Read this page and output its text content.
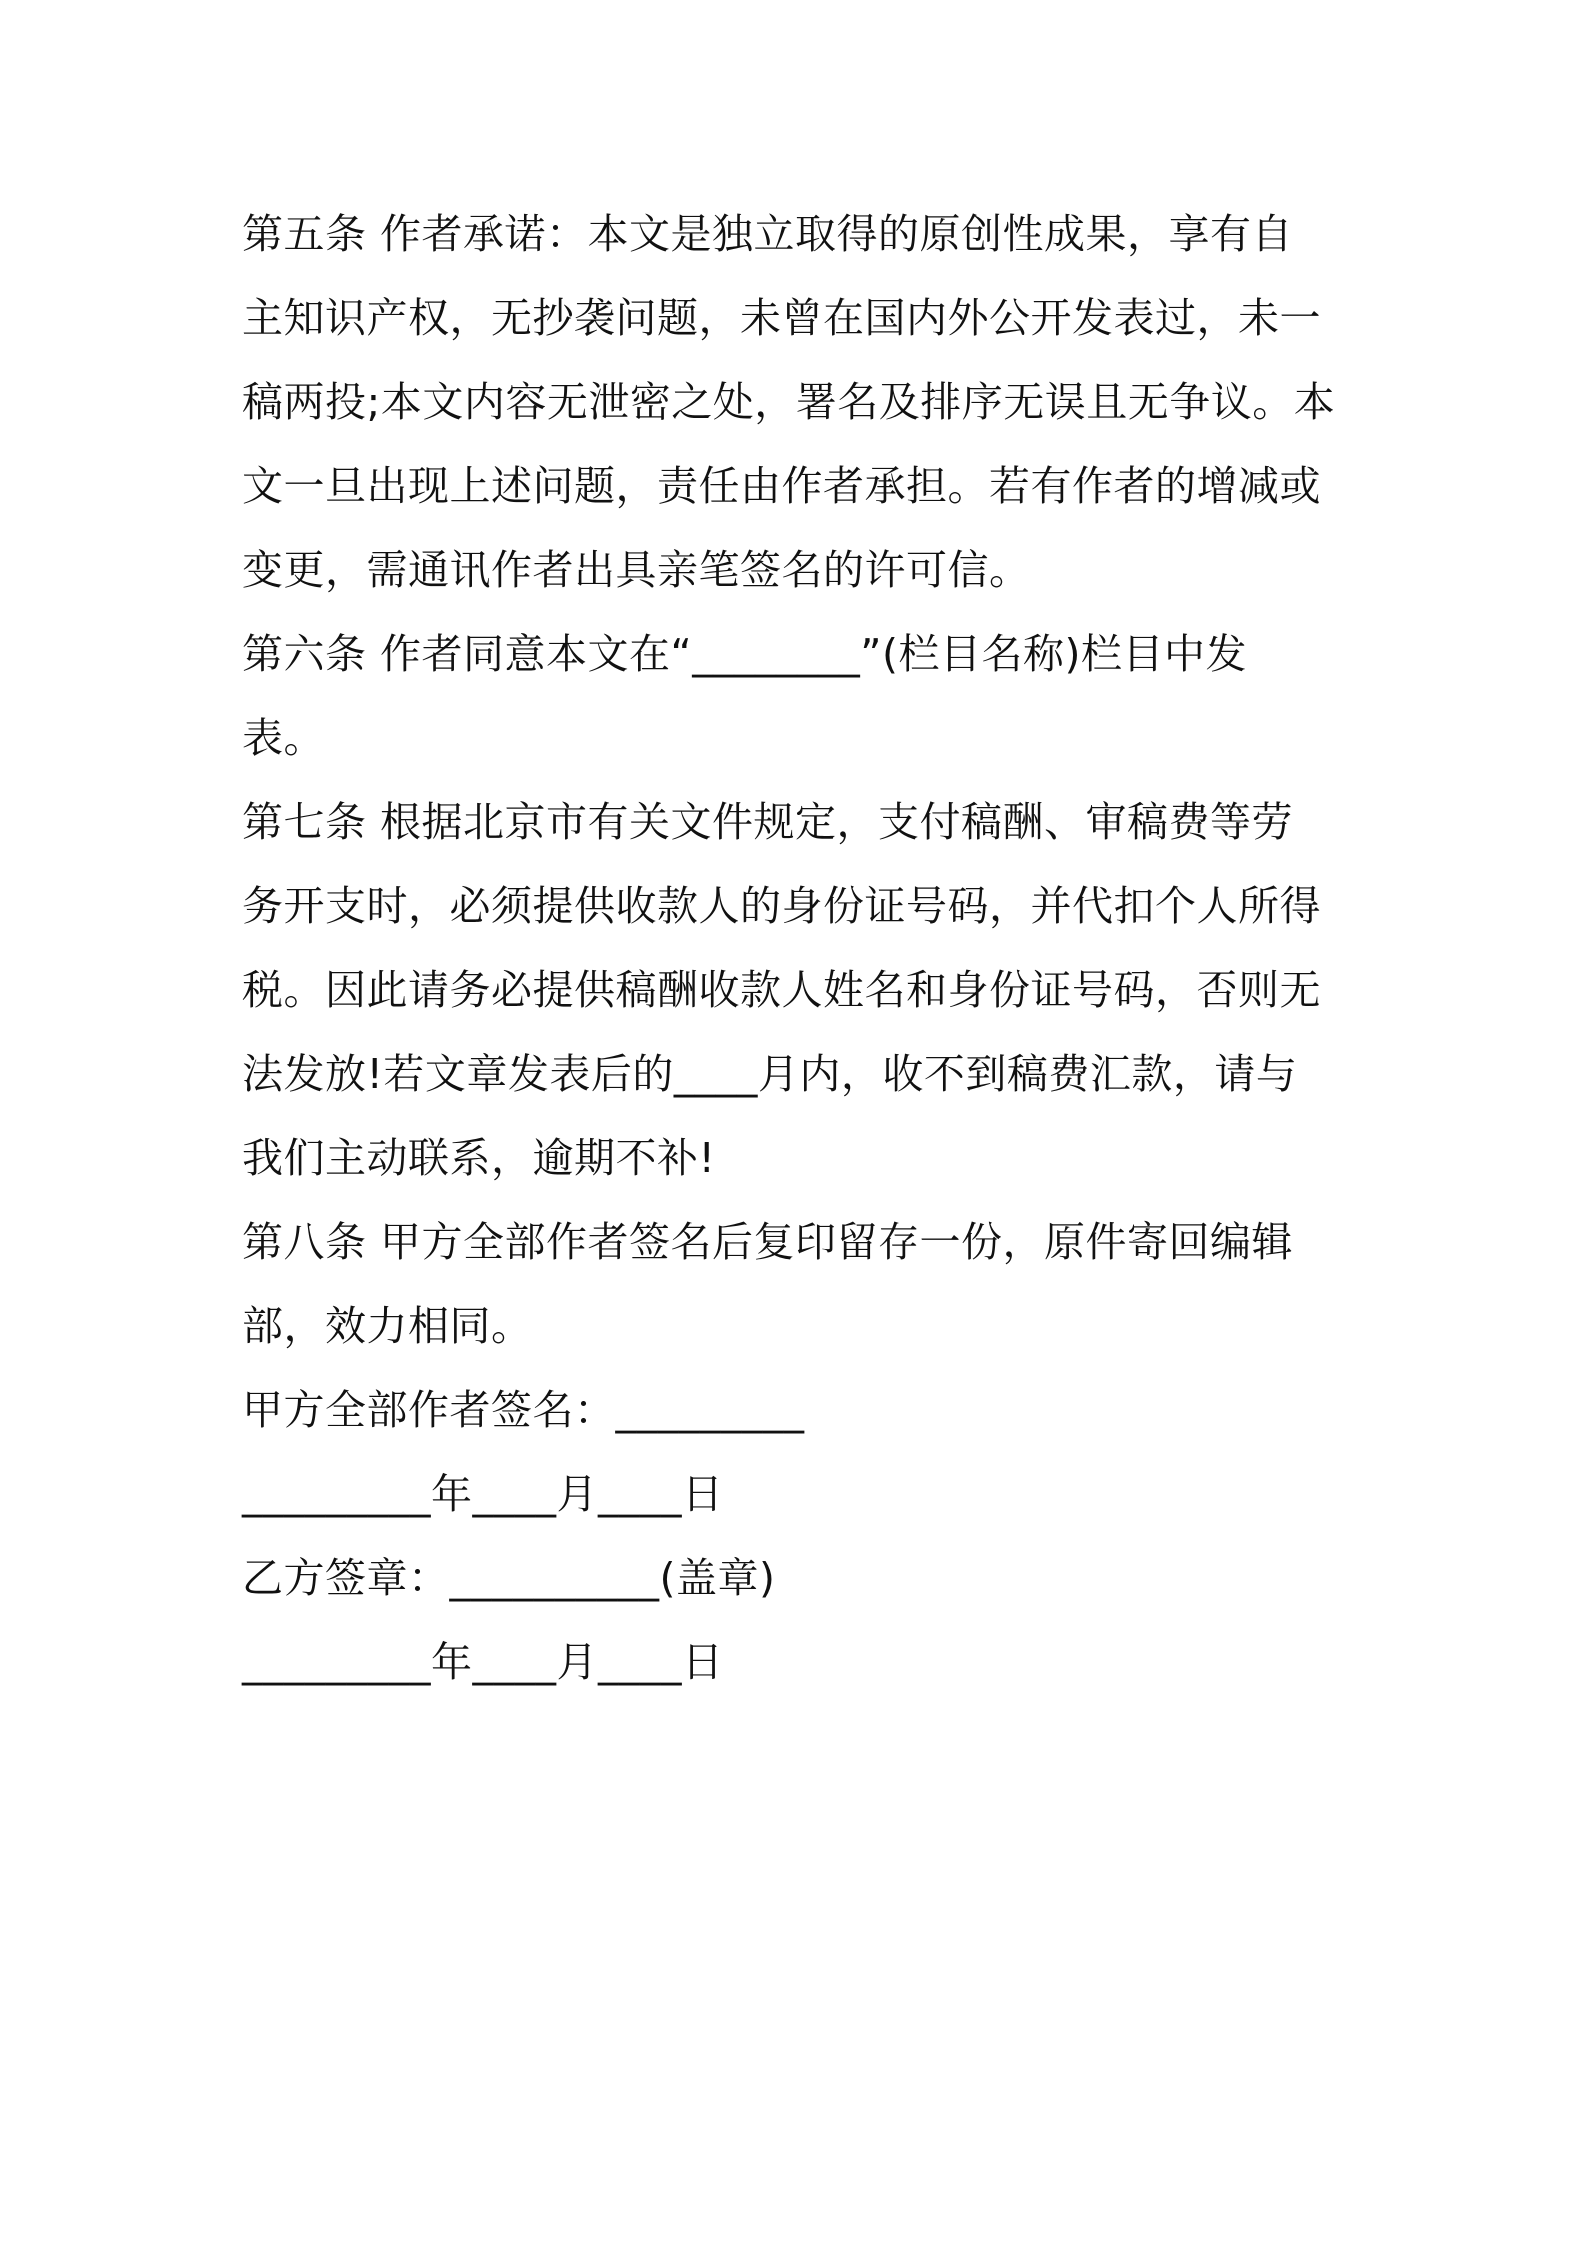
第五条 作者承诺：本文是独立取得的原创性成果，享有自
主知识产权，无抄袭问题，未曾在国内外公开发表过，未一
稿两投;本文内容无泄密之处，署名及排序无误且无争议。本
文一旦出现上述问题，责任由作者承担。若有作者的增减或
变更，需通讯作者出具亲笔签名的许可信。
第六条 作者同意本文在“________”(栏目名称)栏目中发
表。
第七条 根据北京市有关文件规定，支付稿酬、审稿费等劳
务开支时，必须提供收款人的身份证号码，并代扣个人所得
税。因此请务必提供稿酬收款人姓名和身份证号码，否则无
法发放!若文章发表后的____月内，收不到稿费汇款，请与
我们主动联系，逾期不补!
第八条 甲方全部作者签名后复印留存一份，原件寄回编辑
部，效力相同。
甲方全部作者签名：_________
_________年____月____日
乙方签章：__________(盖章)
_________年____月____日
